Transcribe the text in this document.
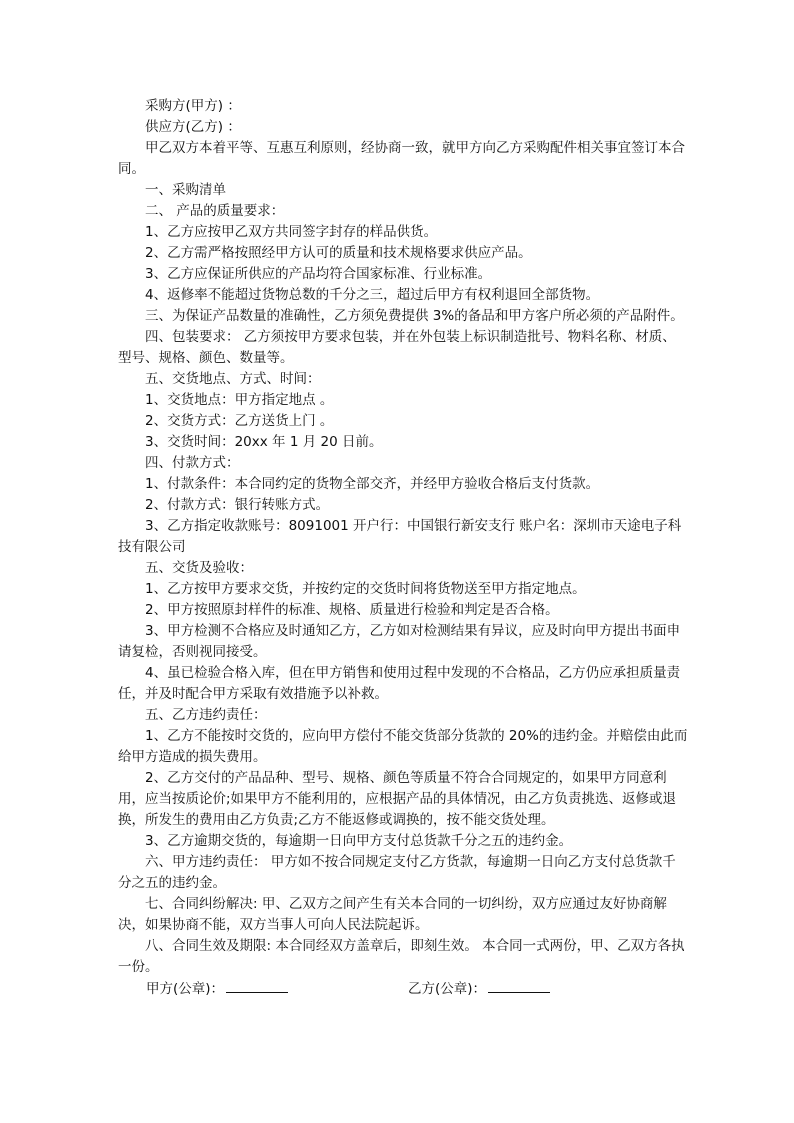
采购方(甲方) ：

供应方(乙方) ：

甲乙双方本着平等、互惠互利原则，经协商一致，就甲方向乙方采购配件相关事宜签订本合同。

一、采购清单

二、 产品的质量要求：

1、乙方应按甲乙双方共同签字封存的样品供货。

2、乙方需严格按照经甲方认可的质量和技术规格要求供应产品。

3、乙方应保证所供应的产品均符合国家标准、行业标准。

4、返修率不能超过货物总数的千分之三，超过后甲方有权利退回全部货物。

三、为保证产品数量的准确性，乙方须免费提供 3%的备品和甲方客户所必须的产品附件。

四、包装要求： 乙方须按甲方要求包装，并在外包装上标识制造批号、物料名称、材质、型号、规格、颜色、数量等。

五、交货地点、方式、时间：

1、交货地点：甲方指定地点 。

2、交货方式：乙方送货上门 。

3、交货时间：20xx 年 1 月 20 日前。

四、付款方式：

1、付款条件：本合同约定的货物全部交齐，并经甲方验收合格后支付货款。

2、付款方式：银行转账方式。

3、乙方指定收款账号：8091001 开户行：中国银行新安支行 账户名：深圳市天途电子科技有限公司

五、交货及验收：

1、乙方按甲方要求交货，并按约定的交货时间将货物送至甲方指定地点。

2、甲方按照原封样件的标准、规格、质量进行检验和判定是否合格。

3、甲方检测不合格应及时通知乙方，乙方如对检测结果有异议，应及时向甲方提出书面申请复检，否则视同接受。

4、虽已检验合格入库，但在甲方销售和使用过程中发现的不合格品，乙方仍应承担质量责任，并及时配合甲方采取有效措施予以补救。

五、乙方违约责任：

1、乙方不能按时交货的，应向甲方偿付不能交货部分货款的 20%的违约金。并赔偿由此而给甲方造成的损失费用。

2、乙方交付的产品品种、型号、规格、颜色等质量不符合合同规定的，如果甲方同意利用，应当按质论价;如果甲方不能利用的，应根据产品的具体情况，由乙方负责挑选、返修或退换，所发生的费用由乙方负责;乙方不能返修或调换的，按不能交货处理。

3、乙方逾期交货的，每逾期一日向甲方支付总货款千分之五的违约金。

六、甲方违约责任： 甲方如不按合同规定支付乙方货款，每逾期一日向乙方支付总货款千分之五的违约金。

七、合同纠纷解决: 甲、乙双方之间产生有关本合同的一切纠纷，双方应通过友好协商解决，如果协商不能，双方当事人可向人民法院起诉。

八、合同生效及期限: 本合同经双方盖章后，即刻生效。 本合同一式两份，甲、乙双方各执一份。

甲方(公章)：	乙方(公章)：
